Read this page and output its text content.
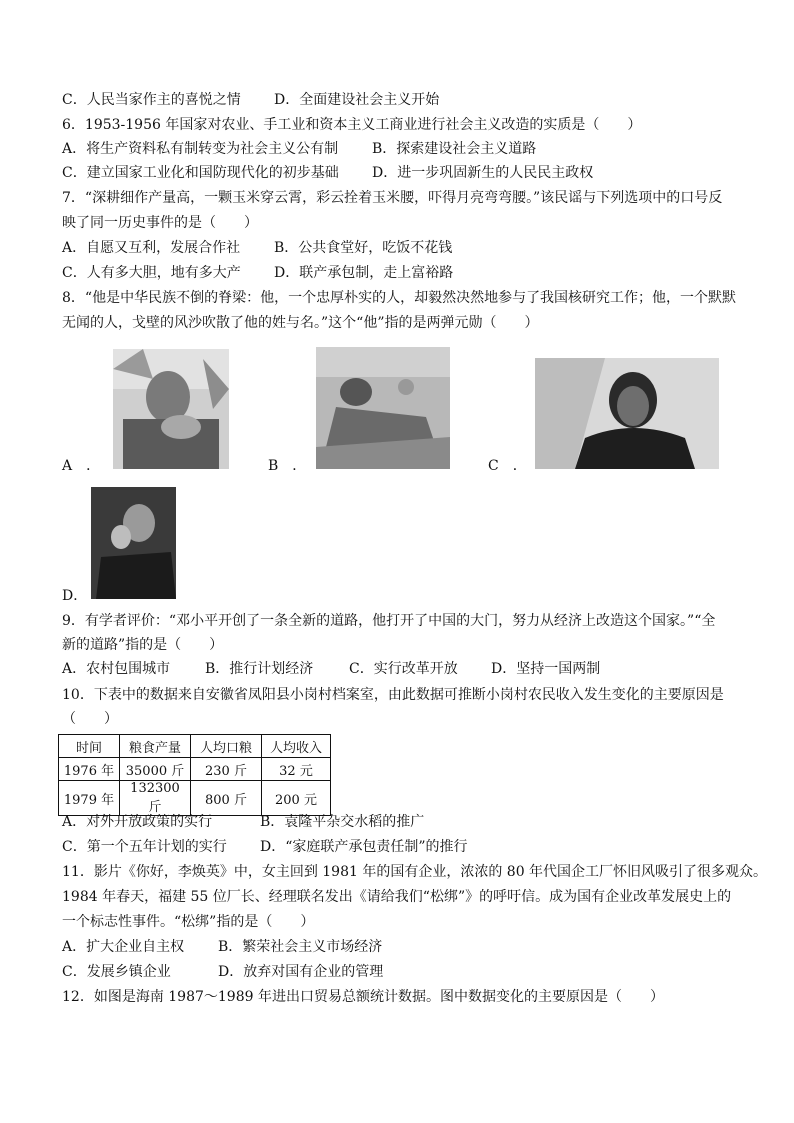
C．人民当家作主的喜悦之情 D．全面建设社会主义开始
6．1953-1956 年国家对农业、手工业和资本主义工商业进行社会主义改造的实质是（　　）
A．将生产资料私有制转变为社会主义公有制 B．探索建设社会主义道路
C．建立国家工业化和国防现代化的初步基础 D．进一步巩固新生的人民民主政权
7．“深耕细作产量高，一颗玉米穿云霄，彩云拴着玉米腰，吓得月亮弯弯腰。”该民谣与下列选项中的口号反
映了同一历史事件的是（　　）
A．自愿又互利，发展合作社 B．公共食堂好，吃饭不花钱
C．人有多大胆，地有多大产 D．联产承包制，走上富裕路
8．“他是中华民族不倒的脊梁：他，一个忠厚朴实的人，却毅然决然地参与了我国核研究工作；他，一个默默
无闻的人，戈壁的风沙吹散了他的姓与名。”这个“他”指的是两弹元勋（　　）
A　．	B　．	C　．
D．
9．有学者评价：“邓小平开创了一条全新的道路，他打开了中国的大门，努力从经济上改造这个国家。”“全
新的道路”指的是（　　）
A．农村包围城市 B．推行计划经济	C．实行改革开放 D．坚持一国两制
10．下表中的数据来自安徽省凤阳县小岗村档案室，由此数据可推断小岗村农民收入发生变化的主要原因是
（　　）
时间	粮食产量	人均口粮	人均收入
1976 年	35000 斤	230 斤	32 元
1979 年	132300 斤	800 斤	200 元
A．对外开放政策的实行	B．袁隆平杂交水稻的推广
C．第一个五年计划的实行 D．“家庭联产承包责任制”的推行
11．影片《你好，李焕英》中，女主回到 1981 年的国有企业，浓浓的 80 年代国企工厂怀旧风吸引了很多观众。
1984 年春天，福建 55 位厂长、经理联名发出《请给我们“松绑”》的呼吁信。成为国有企业改革发展史上的
一个标志性事件。“松绑”指的是（　　）
A．扩大企业自主权 B．繁荣社会主义市场经济
C．发展乡镇企业	D．放弃对国有企业的管理
12．如图是海南 1987～1989 年进出口贸易总额统计数据。图中数据变化的主要原因是（　　）
